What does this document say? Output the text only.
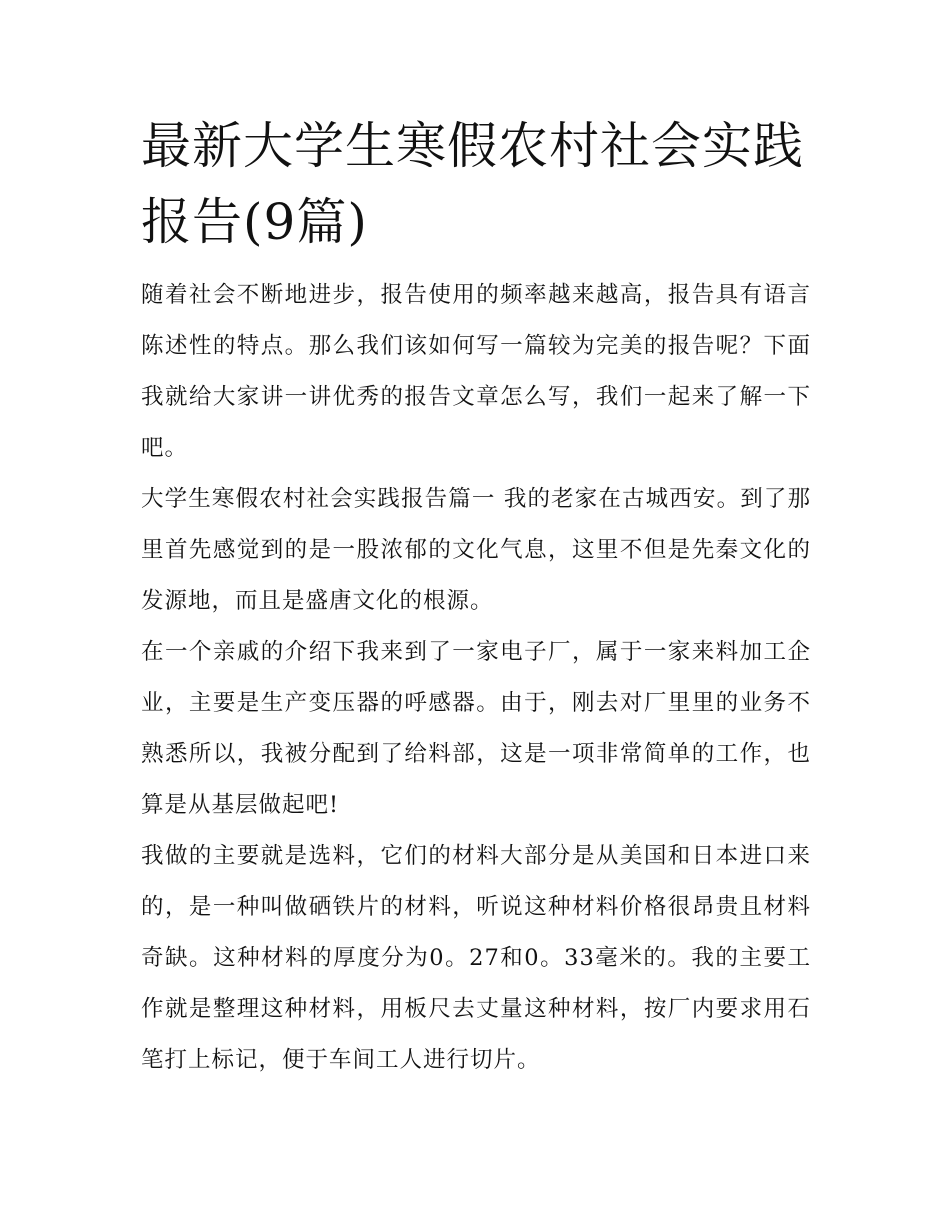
最新大学生寒假农村社会实践报告(9篇)

随着社会不断地进步，报告使用的频率越来越高，报告具有语言陈述性的特点。那么我们该如何写一篇较为完美的报告呢？下面我就给大家讲一讲优秀的报告文章怎么写，我们一起来了解一下吧。

大学生寒假农村社会实践报告篇一 我的老家在古城西安。到了那里首先感觉到的是一股浓郁的文化气息，这里不但是先秦文化的发源地，而且是盛唐文化的根源。

在一个亲戚的介绍下我来到了一家电子厂，属于一家来料加工企业，主要是生产变压器的呼感器。由于，刚去对厂里里的业务不熟悉所以，我被分配到了给料部，这是一项非常简单的工作，也算是从基层做起吧!

我做的主要就是选料，它们的材料大部分是从美国和日本进口来的，是一种叫做硒铁片的材料，听说这种材料价格很昂贵且材料奇缺。这种材料的厚度分为0。27和0。33毫米的。我的主要工作就是整理这种材料，用板尺去丈量这种材料，按厂内要求用石笔打上标记，便于车间工人进行切片。
